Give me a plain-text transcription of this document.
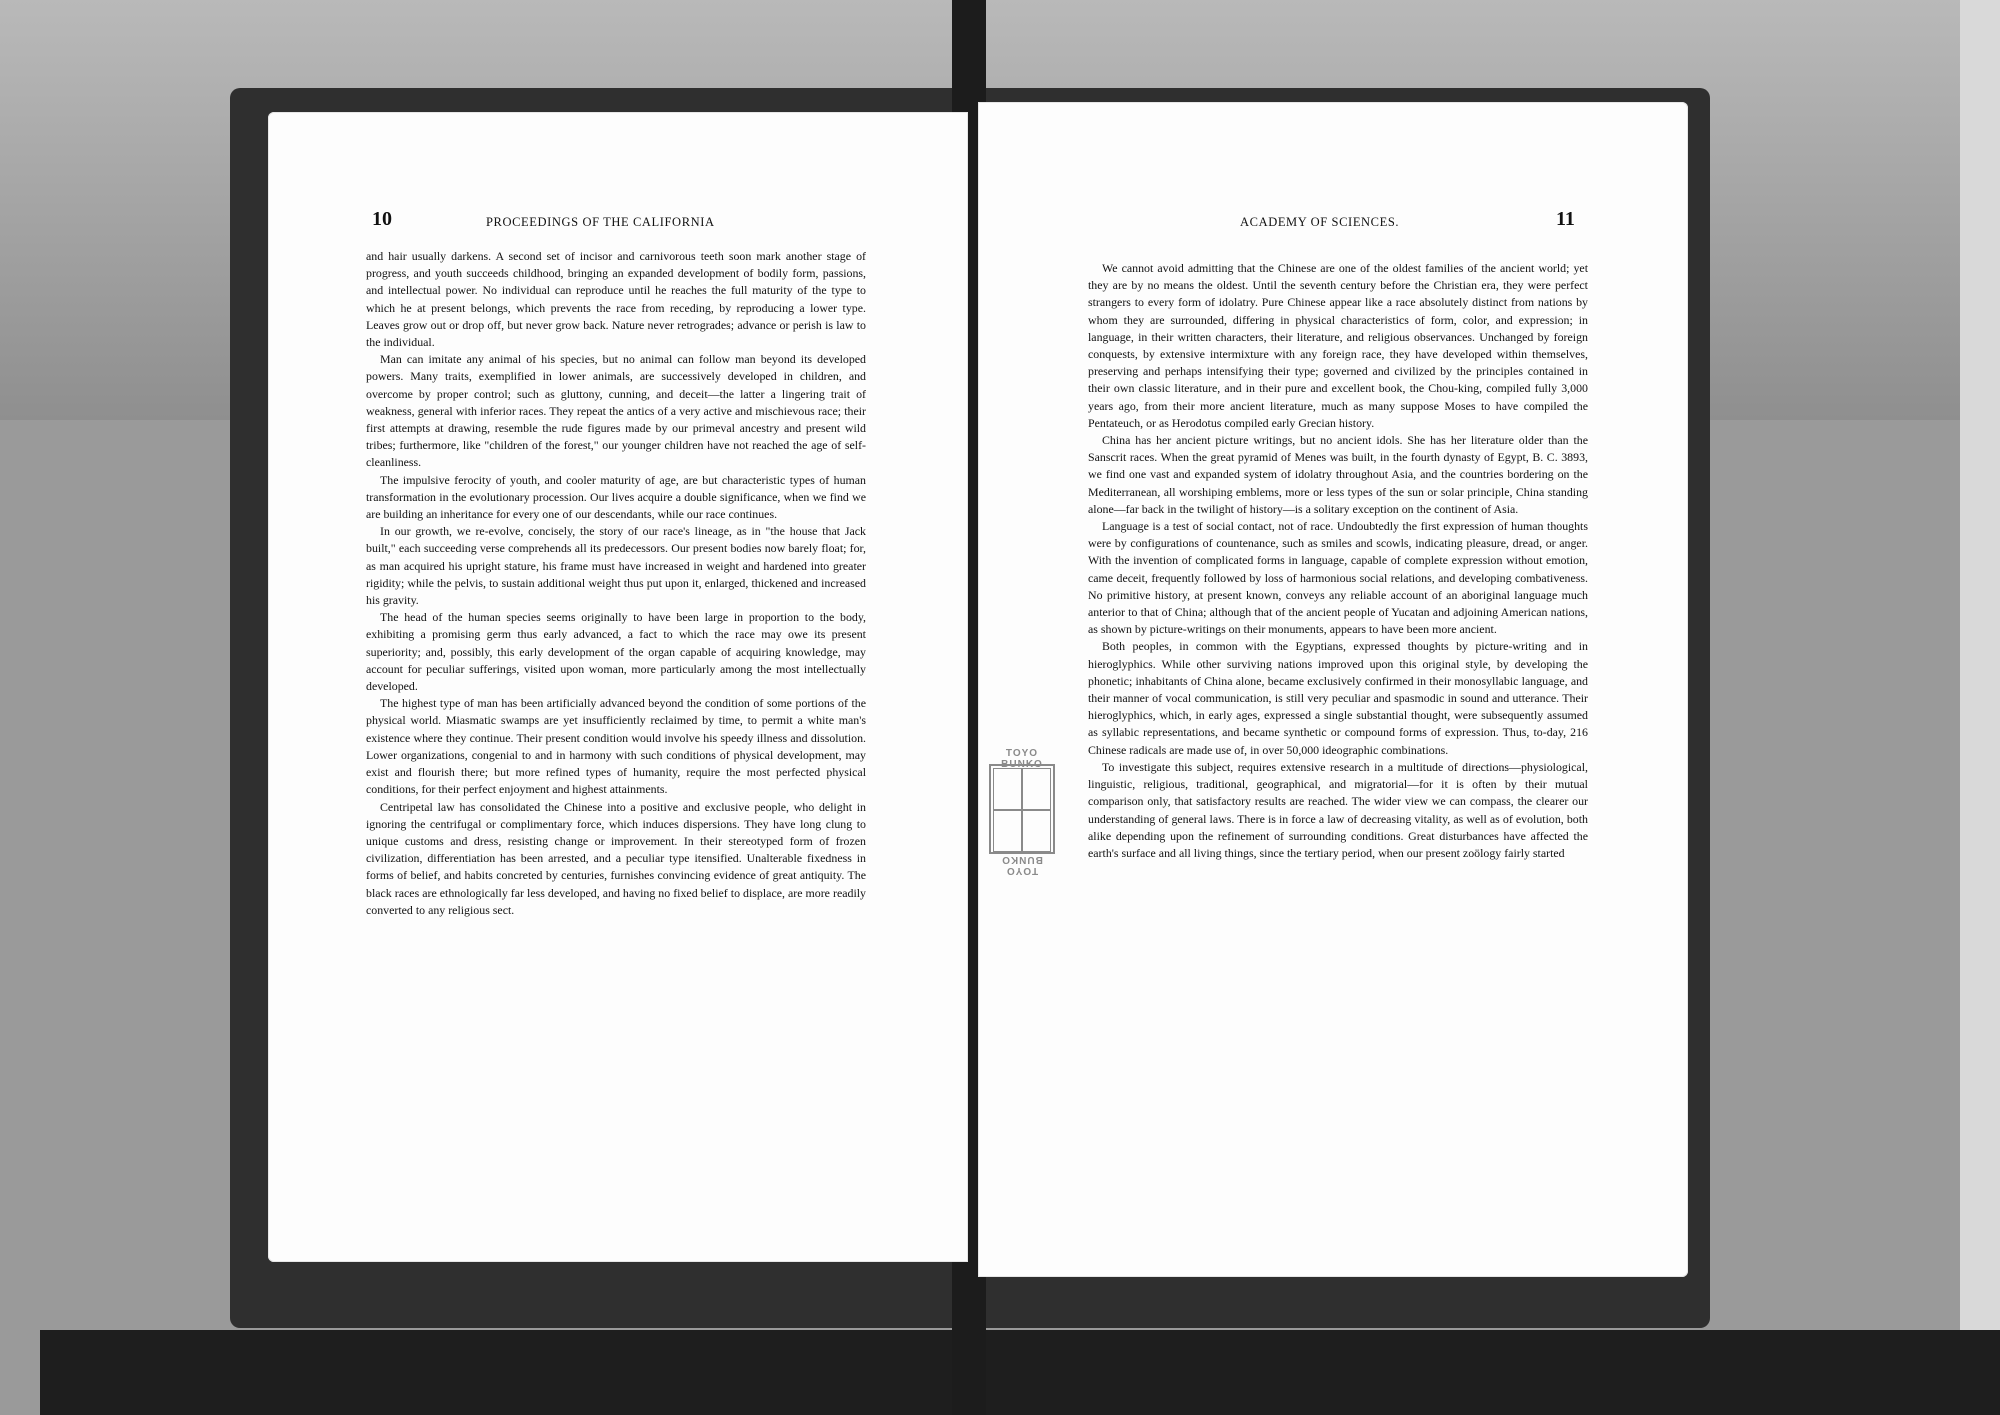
10	PROCEEDINGS OF THE CALIFORNIA

and hair usually darkens. A second set of incisor and carnivorous teeth soon mark another stage of progress, and youth succeeds childhood, bringing an expanded development of bodily form, passions, and intellectual power. No individual can reproduce until he reaches the full maturity of the type to which he at present belongs, which prevents the race from receding, by reproducing a lower type. Leaves grow out or drop off, but never grow back. Nature never retrogrades; advance or perish is law to the individual.

Man can imitate any animal of his species, but no animal can follow man beyond its developed powers. Many traits, exemplified in lower animals, are successively developed in children, and overcome by proper control; such as gluttony, cunning, and deceit—the latter a lingering trait of weakness, general with inferior races. They repeat the antics of a very active and mischievous race; their first attempts at drawing, resemble the rude figures made by our primeval ancestry and present wild tribes; furthermore, like "children of the forest," our younger children have not reached the age of self-cleanliness.

The impulsive ferocity of youth, and cooler maturity of age, are but characteristic types of human transformation in the evolutionary procession. Our lives acquire a double significance, when we find we are building an inheritance for every one of our descendants, while our race continues.

In our growth, we re-evolve, concisely, the story of our race's lineage, as in "the house that Jack built," each succeeding verse comprehends all its predecessors. Our present bodies now barely float; for, as man acquired his upright stature, his frame must have increased in weight and hardened into greater rigidity; while the pelvis, to sustain additional weight thus put upon it, enlarged, thickened and increased his gravity.

The head of the human species seems originally to have been large in proportion to the body, exhibiting a promising germ thus early advanced, a fact to which the race may owe its present superiority; and, possibly, this early development of the organ capable of acquiring knowledge, may account for peculiar sufferings, visited upon woman, more particularly among the most intellectually developed.

The highest type of man has been artificially advanced beyond the condition of some portions of the physical world. Miasmatic swamps are yet insufficiently reclaimed by time, to permit a white man's existence where they continue. Their present condition would involve his speedy illness and dissolution. Lower organizations, congenial to and in harmony with such conditions of physical development, may exist and flourish there; but more refined types of humanity, require the most perfected physical conditions, for their perfect enjoyment and highest attainments.

Centripetal law has consolidated the Chinese into a positive and exclusive people, who delight in ignoring the centrifugal or complimentary force, which induces dispersions. They have long clung to unique customs and dress, resisting change or improvement. In their stereotyped form of frozen civilization, differentiation has been arrested, and a peculiar type itensified. Unalterable fixedness in forms of belief, and habits concreted by centuries, furnishes convincing evidence of great antiquity. The black races are ethnologically far less developed, and having no fixed belief to displace, are more readily converted to any religious sect.

ACADEMY OF SCIENCES.	11

We cannot avoid admitting that the Chinese are one of the oldest families of the ancient world; yet they are by no means the oldest. Until the seventh century before the Christian era, they were perfect strangers to every form of idolatry. Pure Chinese appear like a race absolutely distinct from nations by whom they are surrounded, differing in physical characteristics of form, color, and expression; in language, in their written characters, their literature, and religious observances. Unchanged by foreign conquests, by extensive intermixture with any foreign race, they have developed within themselves, preserving and perhaps intensifying their type; governed and civilized by the principles contained in their own classic literature, and in their pure and excellent book, the Chou-king, compiled fully 3,000 years ago, from their more ancient literature, much as many suppose Moses to have compiled the Pentateuch, or as Herodotus compiled early Grecian history.

China has her ancient picture writings, but no ancient idols. She has her literature older than the Sanscrit races. When the great pyramid of Menes was built, in the fourth dynasty of Egypt, B. C. 3893, we find one vast and expanded system of idolatry throughout Asia, and the countries bordering on the Mediterranean, all worshiping emblems, more or less types of the sun or solar principle, China standing alone—far back in the twilight of history—is a solitary exception on the continent of Asia.

Language is a test of social contact, not of race. Undoubtedly the first expression of human thoughts were by configurations of countenance, such as smiles and scowls, indicating pleasure, dread, or anger. With the invention of complicated forms in language, capable of complete expression without emotion, came deceit, frequently followed by loss of harmonious social relations, and developing combativeness. No primitive history, at present known, conveys any reliable account of an aboriginal language much anterior to that of China; although that of the ancient people of Yucatan and adjoining American nations, as shown by picture-writings on their monuments, appears to have been more ancient.

Both peoples, in common with the Egyptians, expressed thoughts by picture-writing and in hieroglyphics. While other surviving nations improved upon this original style, by developing the phonetic; inhabitants of China alone, became exclusively confirmed in their monosyllabic language, and their manner of vocal communication, is still very peculiar and spasmodic in sound and utterance. Their hieroglyphics, which, in early ages, expressed a single substantial thought, were subsequently assumed as syllabic representations, and became synthetic or compound forms of expression. Thus, to-day, 216 Chinese radicals are made use of, in over 50,000 ideographic combinations.

To investigate this subject, requires extensive research in a multitude of directions—physiological, linguistic, religious, traditional, geographical, and migratorial—for it is often by their mutual comparison only, that satisfactory results are reached. The wider view we can compass, the clearer our understanding of general laws. There is in force a law of decreasing vitality, as well as of evolution, both alike depending upon the refinement of surrounding conditions. Great disturbances have affected the earth's surface and all living things, since the tertiary period, when our present zoölogy fairly started

TOYO BUNKO
TOYO BUNKO
